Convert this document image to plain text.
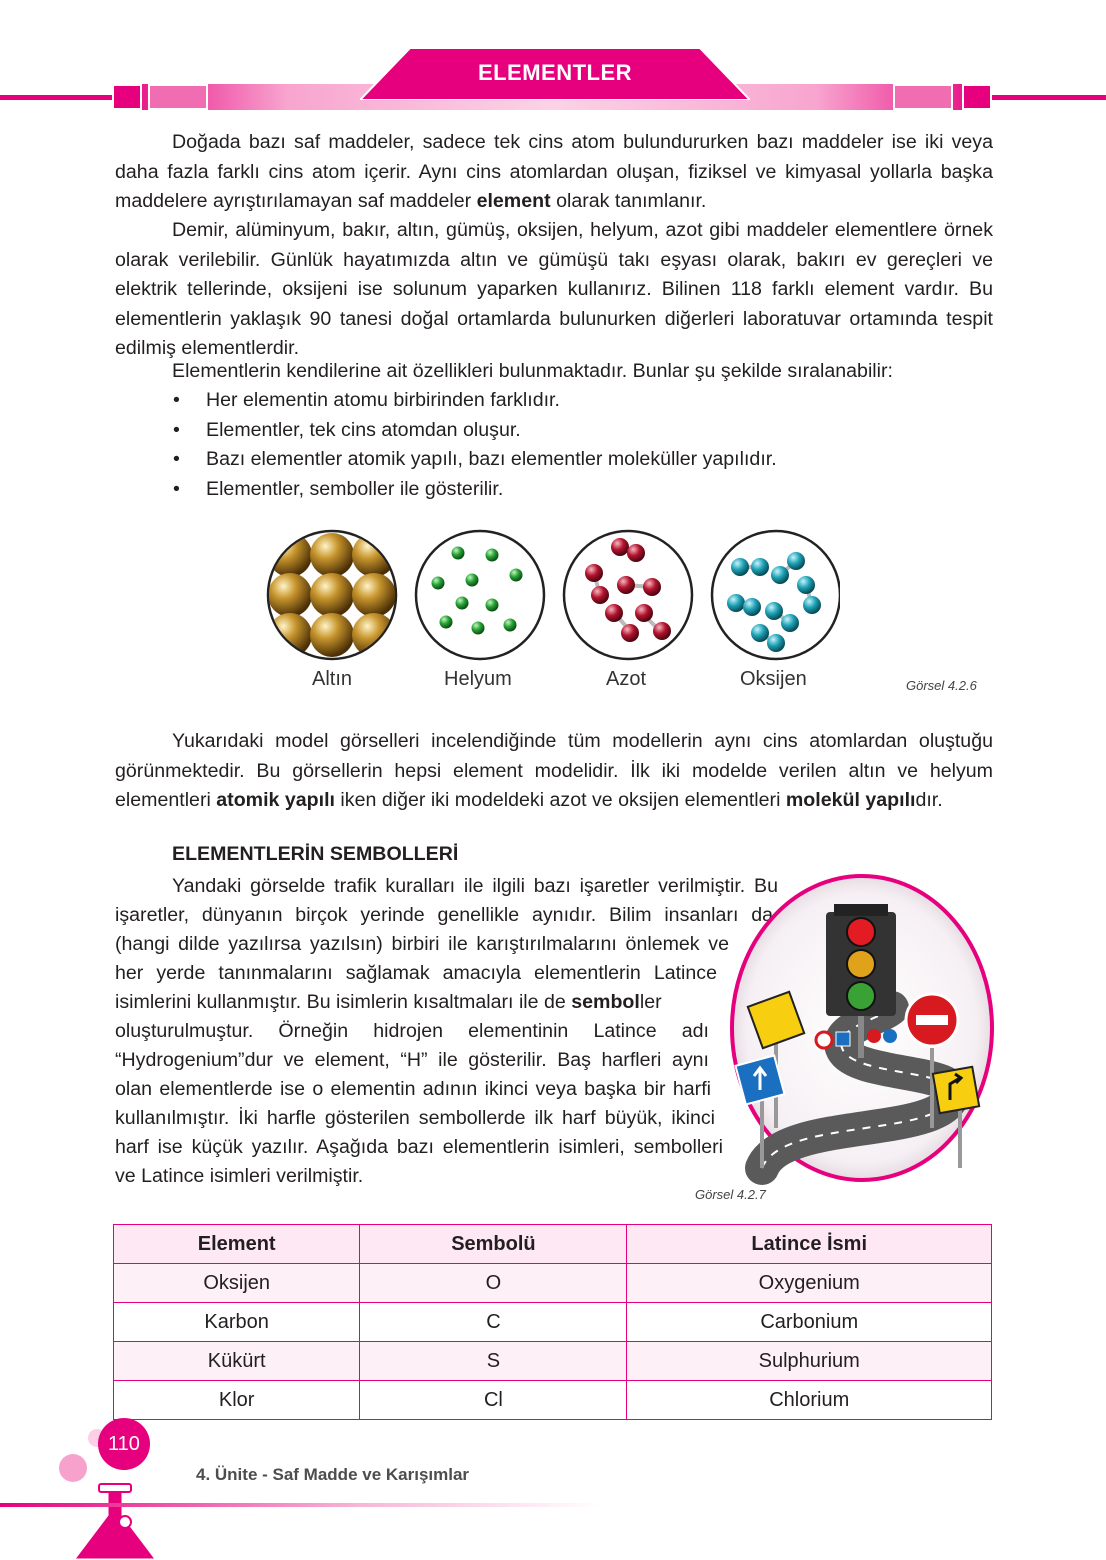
ELEMENTLER

Doğada bazı saf maddeler, sadece tek cins atom bulundururken bazı maddeler ise iki veya daha fazla farklı cins atom içerir. Aynı cins atomlardan oluşan, fiziksel ve kimyasal yollarla başka maddelere ayrıştırılamayan saf maddeler element olarak tanımlanır.

Demir, alüminyum, bakır, altın, gümüş, oksijen, helyum, azot gibi maddeler elementlere örnek olarak verilebilir. Günlük hayatımızda altın ve gümüşü takı eşyası olarak, bakırı ev gereçleri ve elektrik tellerinde, oksijeni ise solunum yaparken kullanırız. Bilinen 118 farklı element vardır. Bu elementlerin yaklaşık 90 tanesi doğal ortamlarda bulunurken diğerleri laboratuvar ortamında tespit edilmiş elementlerdir.

Elementlerin kendilerine ait özellikleri bulunmaktadır. Bunlar şu şekilde sıralanabilir:

• Her elementin atomu birbirinden farklıdır.

• Elementler, tek cins atomdan oluşur.

• Bazı elementler atomik yapılı, bazı elementler moleküller yapılıdır.

• Elementler, semboller ile gösterilir.

Altın	Helyum	Azot	Oksijen	Görsel 4.2.6

Yukarıdaki model görselleri incelendiğinde tüm modellerin aynı cins atomlardan oluştuğu görünmektedir. Bu görsellerin hepsi element modelidir. İlk iki modelde verilen altın ve helyum elementleri atomik yapılı iken diğer iki modeldeki azot ve oksijen elementleri molekül yapılıdır.

ELEMENTLERİN SEMBOLLERİ
Yandaki görselde trafik kuralları ile ilgili bazı işaretler verilmiştir. Bu
işaretler, dünyanın birçok yerinde genellikle aynıdır. Bilim insanları da
(hangi dilde yazılırsa yazılsın) birbiri ile karıştırılmalarını önlemek ve
her yerde tanınmalarını sağlamak amacıyla elementlerin Latince
isimlerini kullanmıştır. Bu isimlerin kısaltmaları ile de semboller
oluşturulmuştur. Örneğin hidrojen elementinin Latince adı
“Hydrogenium”dur ve element, “H” ile gösterilir. Baş harfleri aynı
olan elementlerde ise o elementin adının ikinci veya başka bir harfi
kullanılmıştır. İki harfle gösterilen sembollerde ilk harf büyük, ikinci
harf ise küçük yazılır. Aşağıda bazı elementlerin isimleri, sembolleri
ve Latince isimleri verilmiştir.
Görsel 4.2.7
Element	Sembolü	Latince İsmi
Oksijen	O	Oxygenium
Karbon	C	Carbonium
Kükürt	S	Sulphurium
Klor	Cl	Chlorium
110
4. Ünite - Saf Madde ve Karışımlar
